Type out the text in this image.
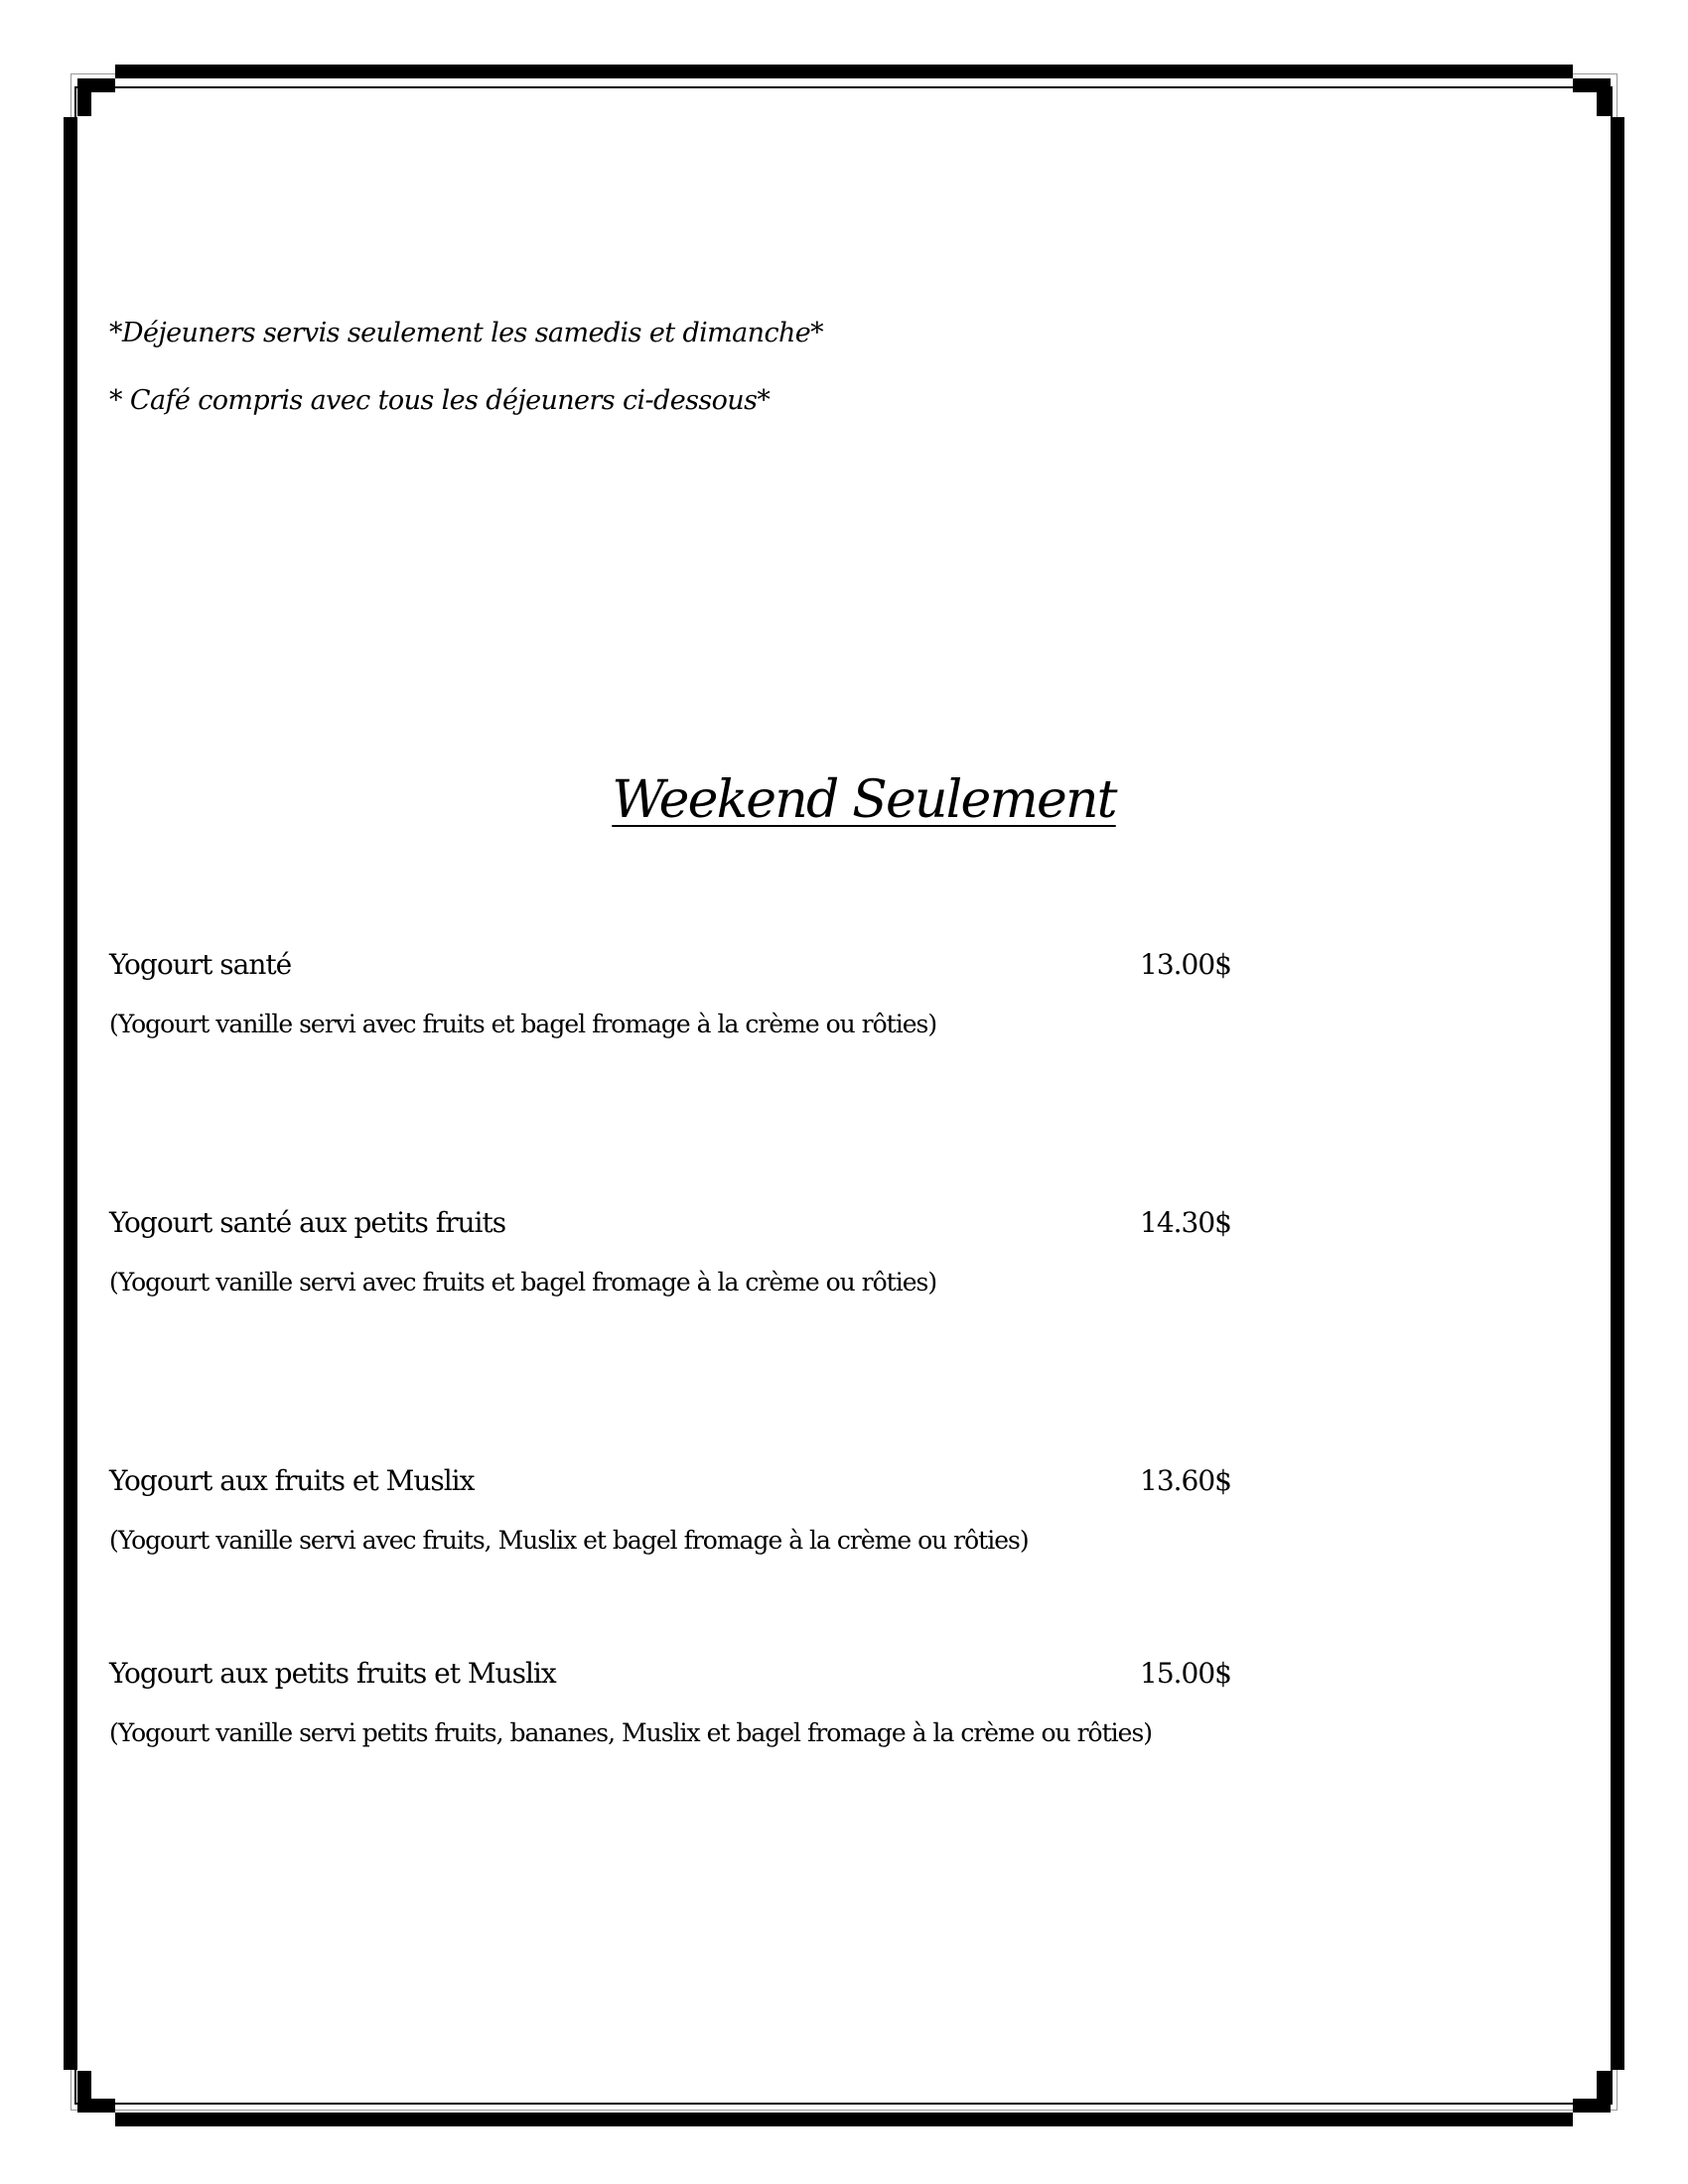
*Déjeuners servis seulement les samedis et dimanche*
* Café compris avec tous les déjeuners ci-dessous*
Weekend Seulement
Yogourt santé	13.00$
(Yogourt vanille servi avec fruits et bagel fromage à la crème ou rôties)
Yogourt santé aux petits fruits	14.30$
(Yogourt vanille servi avec fruits et bagel fromage à la crème ou rôties)
Yogourt aux fruits et Muslix	13.60$
(Yogourt vanille servi avec fruits, Muslix et bagel fromage à la crème ou rôties)
Yogourt aux petits fruits et Muslix	15.00$
(Yogourt vanille servi petits fruits, bananes, Muslix et bagel fromage à la crème ou rôties)
